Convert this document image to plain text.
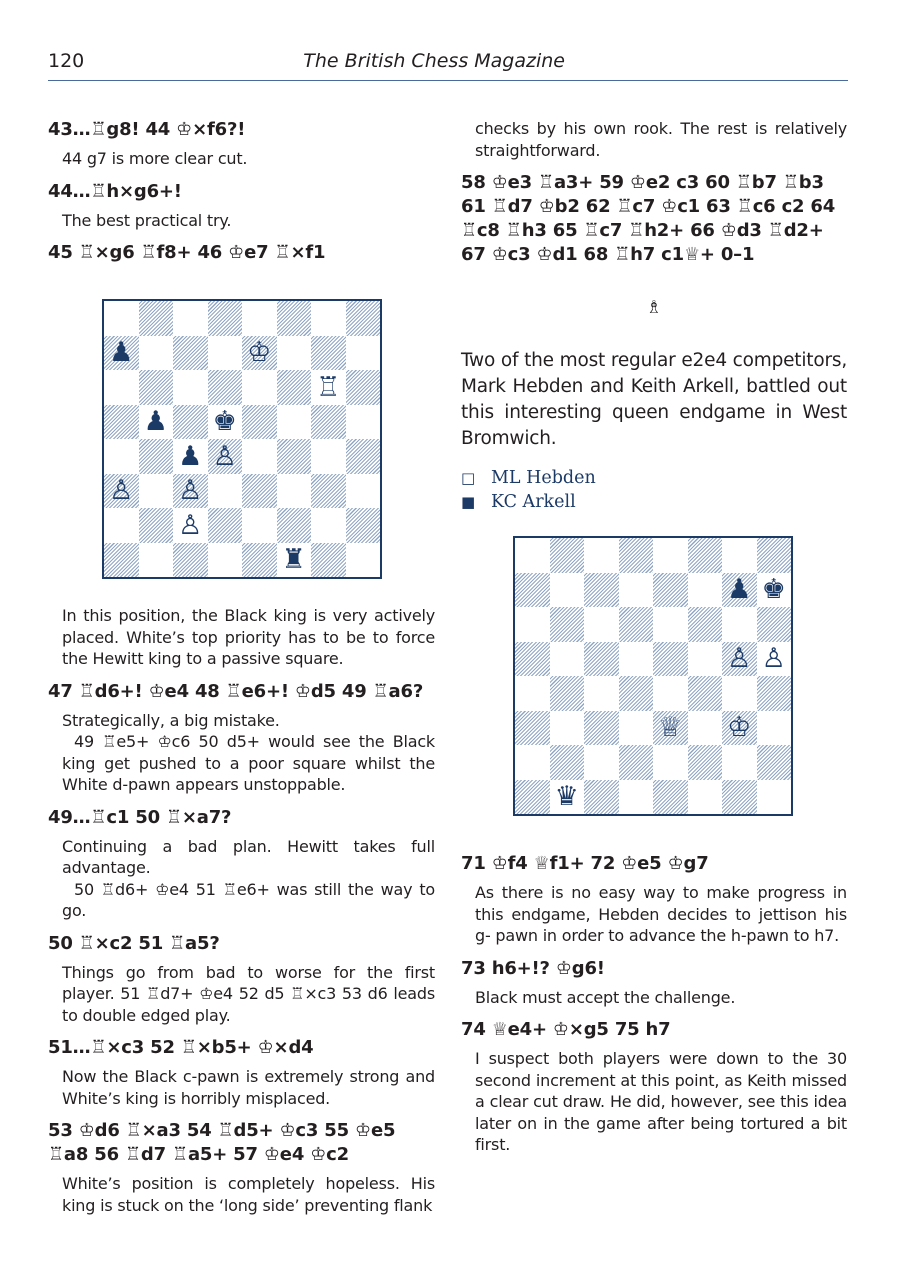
120	The British Chess Magazine
43…♖g8! 44 ♔×f6?!

44 g7 is more clear cut.

44…♖h×g6+!

The best practical try.

45 ♖×g6 ♖f8+ 46 ♔e7 ♖×f1
♟	♔
♖
♟ ♚
♟ ♙
♙ ♙
♙
♜

In this position, the Black king is very actively placed. White’s top priority has to be to force the Hewitt king to a passive square.

47 ♖d6+! ♔e4 48 ♖e6+! ♔d5 49 ♖a6?

Strategically, a big mistake.

49 ♖e5+ ♔c6 50 d5+ would see the Black king get pushed to a poor square whilst the White d-pawn appears unstoppable.

49…♖c1 50 ♖×a7?

Continuing a bad plan. Hewitt takes full advantage.

50 ♖d6+ ♔e4 51 ♖e6+ was still the way to go.

50 ♖×c2 51 ♖a5?

Things go from bad to worse for the first player. 51 ♖d7+ ♔e4 52 d5 ♖×c3 53 d6 leads to double edged play.

51…♖×c3 52 ♖×b5+ ♔×d4

Now the Black c-pawn is extremely strong and White’s king is horribly misplaced.

53 ♔d6 ♖×a3 54 ♖d5+ ♔c3 55 ♔e5 ♖a8 56 ♖d7 ♖a5+ 57 ♔e4 ♔c2

White’s position is completely hopeless. His king is stuck on the ‘long side’ preventing flank

checks by his own rook. The rest is relatively straightforward.

58 ♔e3 ♖a3+ 59 ♔e2 c3 60 ♖b7 ♖b3 61 ♖d7 ♔b2 62 ♖c7 ♔c1 63 ♖c6 c2 64 ♖c8 ♖h3 65 ♖c7 ♖h2+ 66 ♔d3 ♖d2+ 67 ♔c3 ♔d1 68 ♖h7 c1♕+ 0–1
♗

Two of the most regular e2e4 competitors, Mark Hebden and Keith Arkell, battled out this interesting queen endgame in West Bromwich.

□ ML Hebden
■ KC Arkell
♟ ♚
♙ ♙
♕ ♔
♛
71 ♔f4 ♕f1+ 72 ♔e5 ♔g7

As there is no easy way to make progress in this endgame, Hebden decides to jettison his g- pawn in order to advance the h-pawn to h7.

73 h6+!? ♔g6!

Black must accept the challenge.

74 ♕e4+ ♔×g5 75 h7

I suspect both players were down to the 30 second increment at this point, as Keith missed a clear cut draw. He did, however, see this idea later on in the game after being tortured a bit first.
